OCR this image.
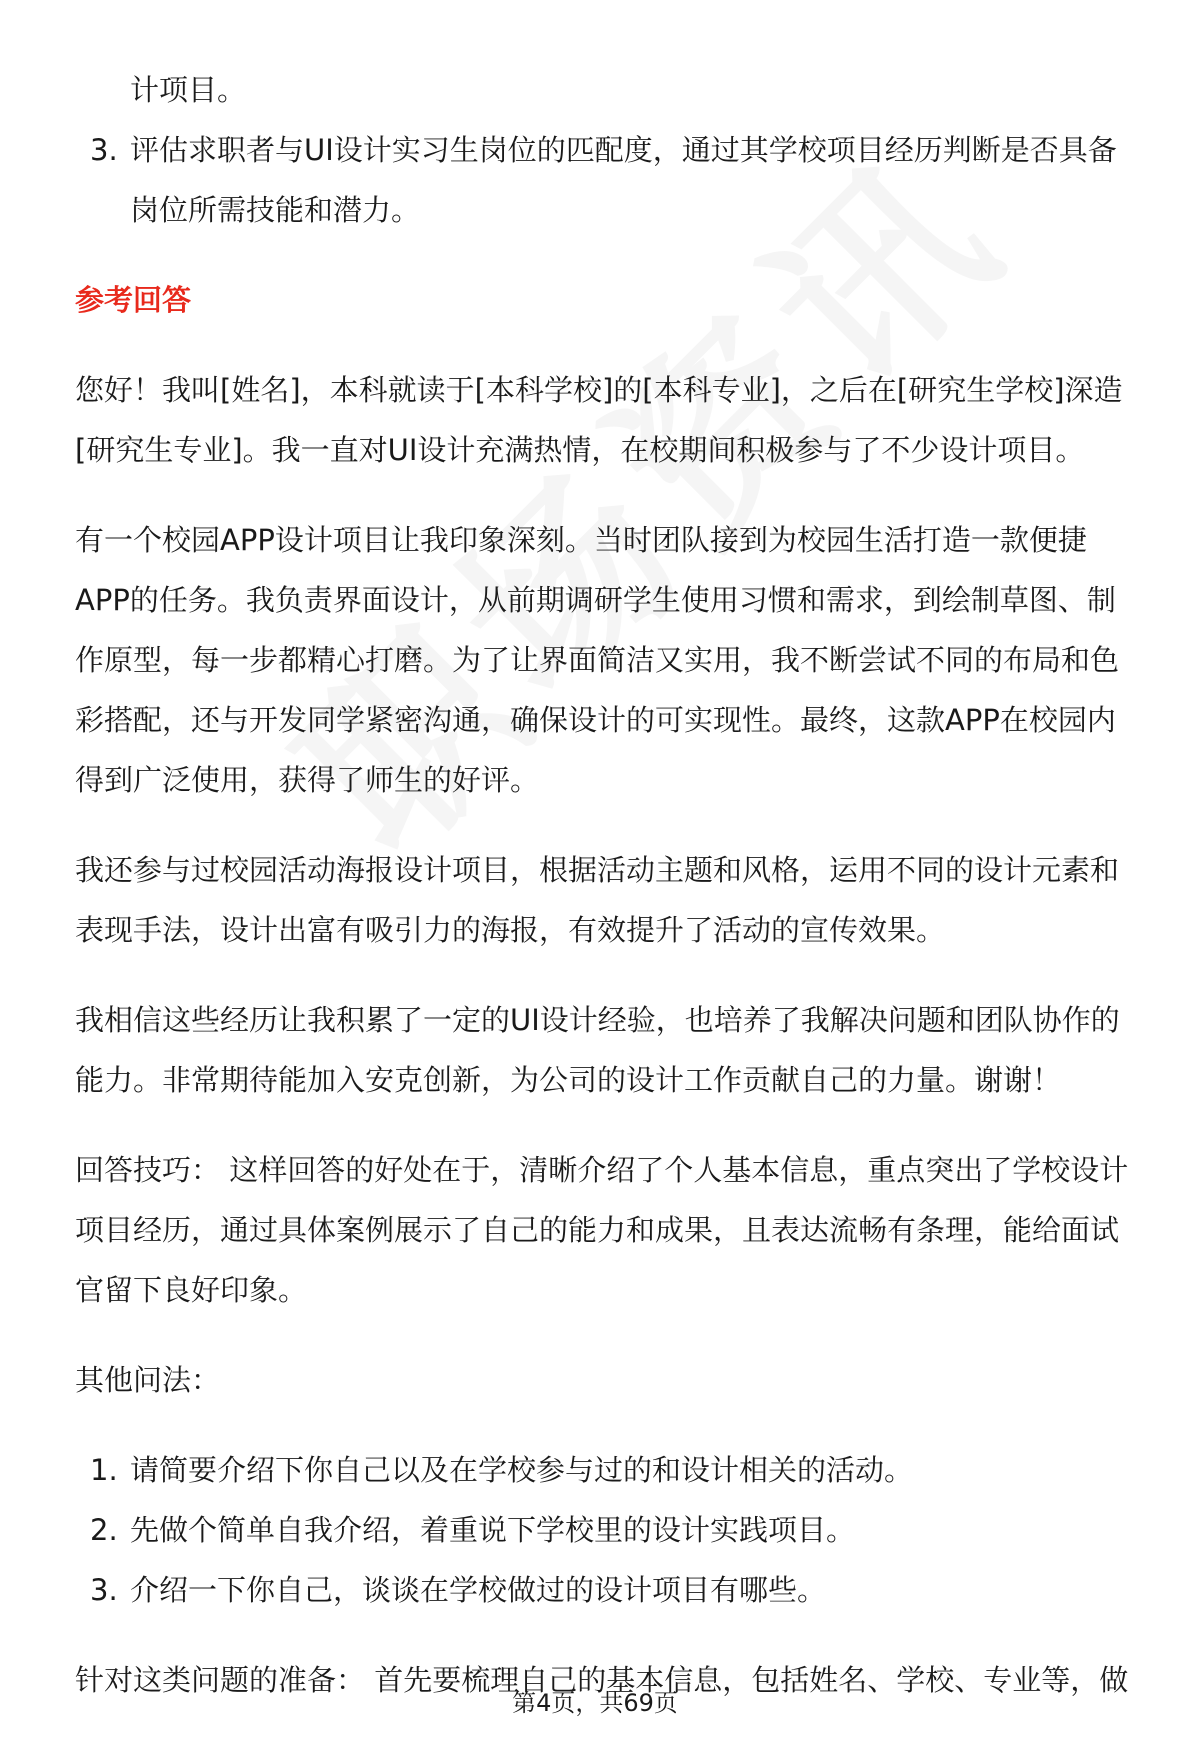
计项目。
3. 评估求职者与UI设计实习生岗位的匹配度，通过其学校项目经历判断是否具备
岗位所需技能和潜力。
参考回答
您好！我叫[姓名]，本科就读于[本科学校]的[本科专业]，之后在[研究生学校]深造
[研究生专业]。我一直对UI设计充满热情，在校期间积极参与了不少设计项目。
有一个校园APP设计项目让我印象深刻。当时团队接到为校园生活打造一款便捷
APP的任务。我负责界面设计，从前期调研学生使用习惯和需求，到绘制草图、制
作原型，每一步都精心打磨。为了让界面简洁又实用，我不断尝试不同的布局和色
彩搭配，还与开发同学紧密沟通，确保设计的可实现性。最终，这款APP在校园内
得到广泛使用，获得了师生的好评。
我还参与过校园活动海报设计项目，根据活动主题和风格，运用不同的设计元素和
表现手法，设计出富有吸引力的海报，有效提升了活动的宣传效果。
我相信这些经历让我积累了一定的UI设计经验，也培养了我解决问题和团队协作的
能力。非常期待能加入安克创新，为公司的设计工作贡献自己的力量。谢谢！
回答技巧： 这样回答的好处在于，清晰介绍了个人基本信息，重点突出了学校设计
项目经历，通过具体案例展示了自己的能力和成果，且表达流畅有条理，能给面试
官留下良好印象。
其他问法：
1. 请简要介绍下你自己以及在学校参与过的和设计相关的活动。
2. 先做个简单自我介绍，着重说下学校里的设计实践项目。
3. 介绍一下你自己，谈谈在学校做过的设计项目有哪些。
针对这类问题的准备： 首先要梳理自己的基本信息，包括姓名、学校、专业等，做
第4页，共69页
